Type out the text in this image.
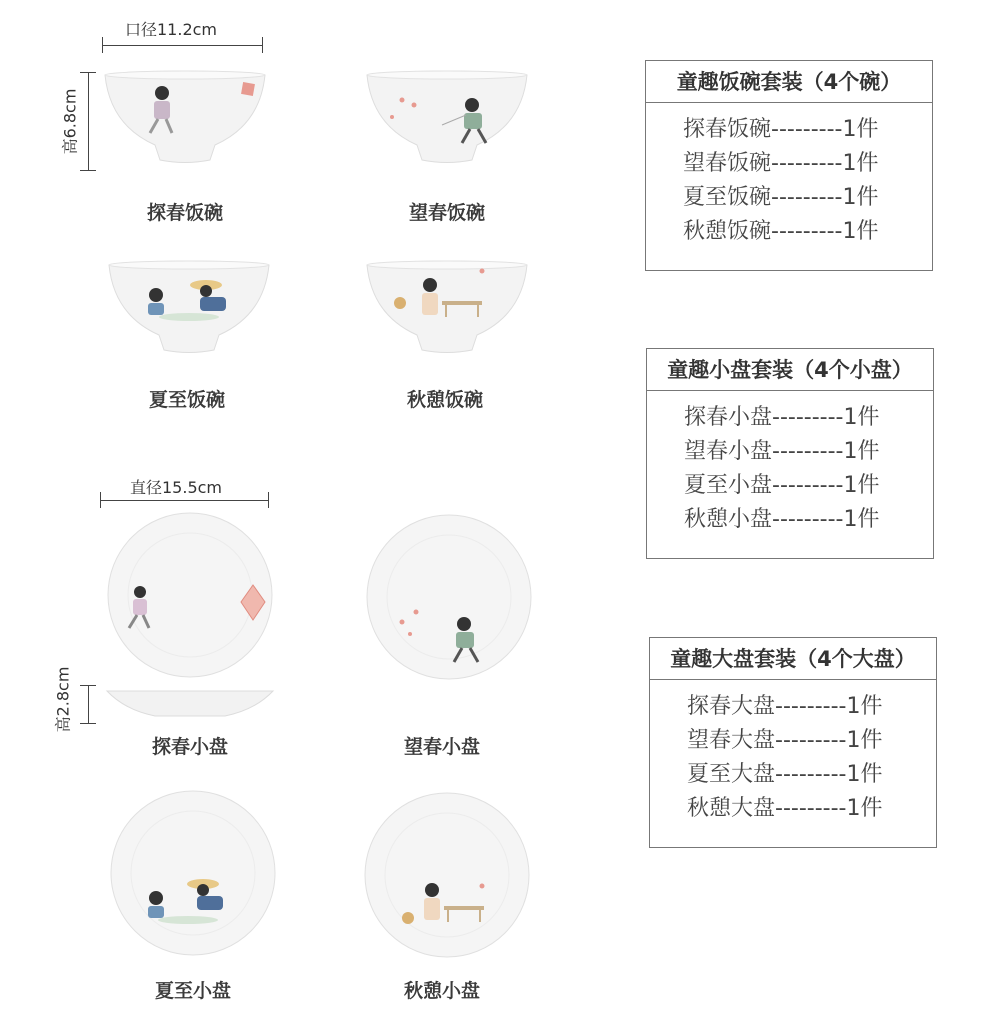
口径11.2cm
高6.8cm
探春饭碗	望春饭碗
夏至饭碗	秋憩饭碗
直径15.5cm
高2.8cm
探春小盘	望春小盘
夏至小盘	秋憩小盘
童趣饭碗套装（4个碗）
探春饭碗---------1件
望春饭碗---------1件
夏至饭碗---------1件
秋憩饭碗---------1件
童趣小盘套装（4个小盘）
探春小盘---------1件
望春小盘---------1件
夏至小盘---------1件
秋憩小盘---------1件
童趣大盘套装（4个大盘）
探春大盘---------1件
望春大盘---------1件
夏至大盘---------1件
秋憩大盘---------1件
